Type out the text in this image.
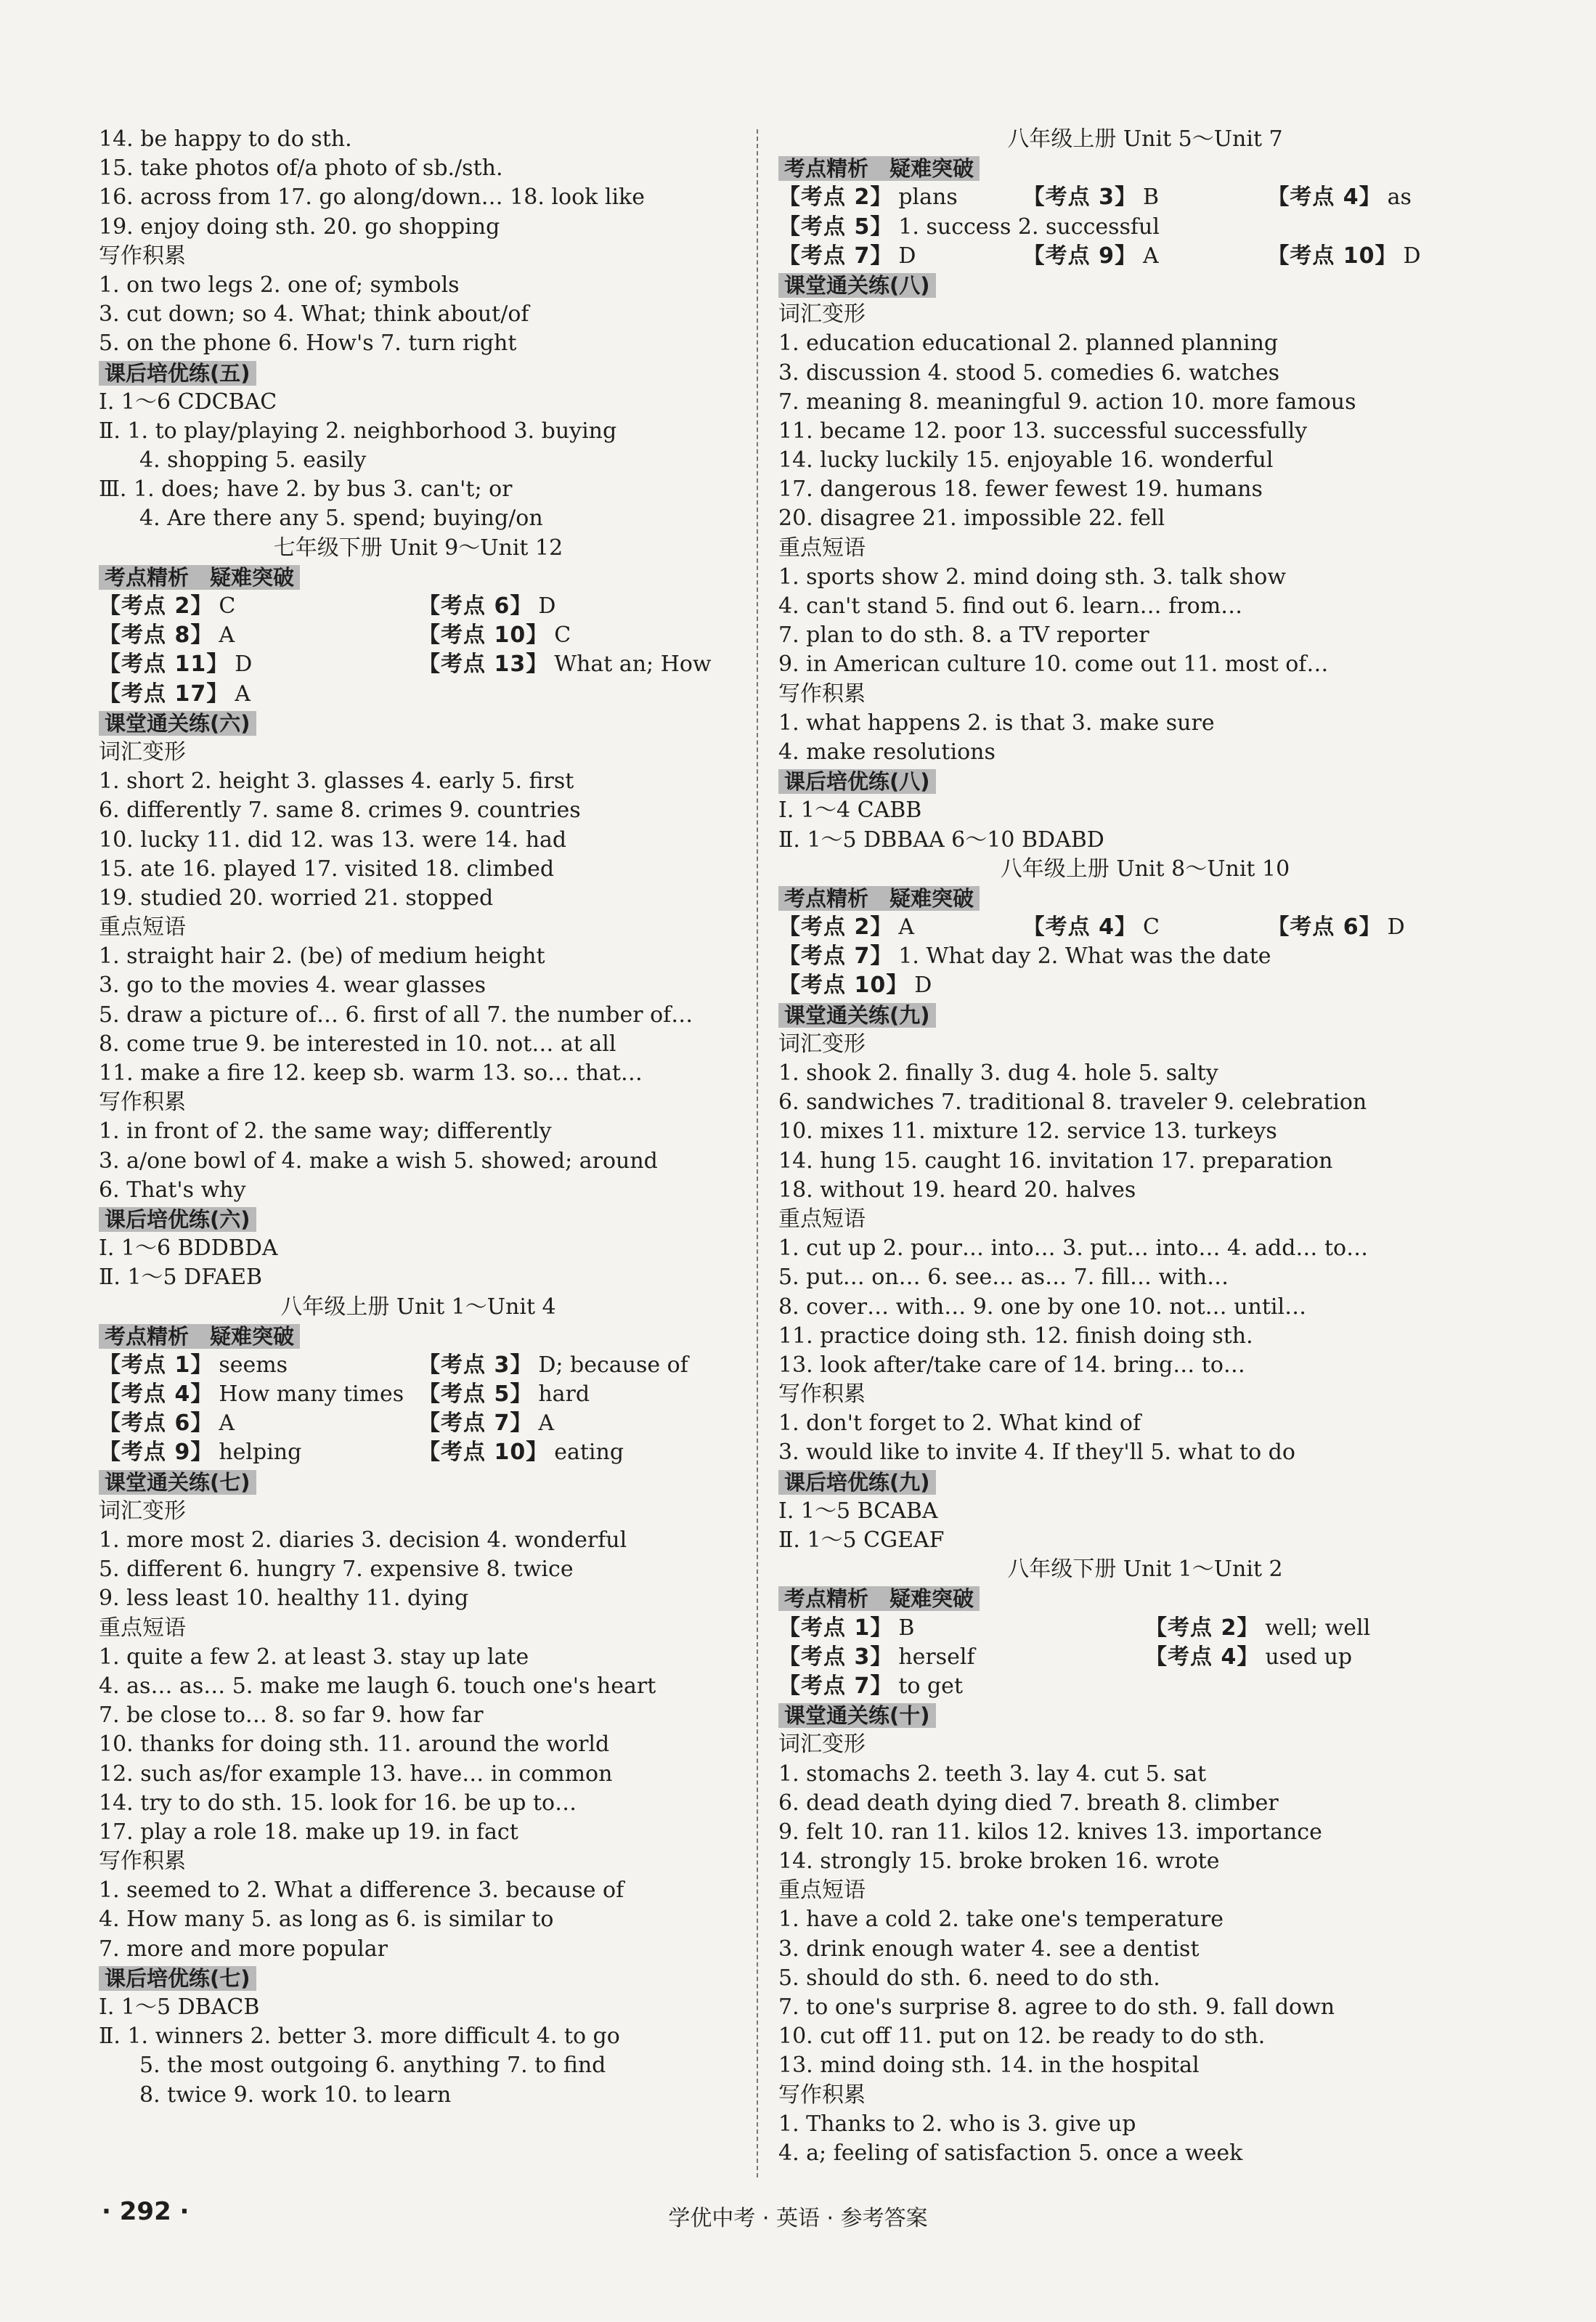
14. be happy to do sth.
15. take photos of/a photo of sb./sth.
16. across from 17. go along/down… 18. look like
19. enjoy doing sth. 20. go shopping
写作积累
1. on two legs 2. one of; symbols
3. cut down; so 4. What; think about/of
5. on the phone 6. How's 7. turn right
课后培优练(五)
Ⅰ. 1～6 CDCBAC
Ⅱ. 1. to play/playing 2. neighborhood 3. buying
4. shopping 5. easily
Ⅲ. 1. does; have 2. by bus 3. can't; or
4. Are there any 5. spend; buying/on
七年级下册 Unit 9～Unit 12
考点精析　疑难突破
【考点 2】 C	【考点 6】 D
【考点 8】 A	【考点 10】 C
【考点 11】 D	【考点 13】 What an; How
【考点 17】 A
课堂通关练(六)
词汇变形
1. short 2. height 3. glasses 4. early 5. first
6. differently 7. same 8. crimes 9. countries
10. lucky 11. did 12. was 13. were 14. had
15. ate 16. played 17. visited 18. climbed
19. studied 20. worried 21. stopped
重点短语
1. straight hair 2. (be) of medium height
3. go to the movies 4. wear glasses
5. draw a picture of… 6. first of all 7. the number of…
8. come true 9. be interested in 10. not… at all
11. make a fire 12. keep sb. warm 13. so… that…
写作积累
1. in front of 2. the same way; differently
3. a/one bowl of 4. make a wish 5. showed; around
6. That's why
课后培优练(六)
Ⅰ. 1～6 BDDBDA
Ⅱ. 1～5 DFAEB
八年级上册 Unit 1～Unit 4
考点精析　疑难突破
【考点 1】 seems	【考点 3】 D; because of
【考点 4】 How many times 【考点 5】 hard
【考点 6】 A	【考点 7】 A
【考点 9】 helping	【考点 10】 eating
课堂通关练(七)
词汇变形
1. more most 2. diaries 3. decision 4. wonderful
5. different 6. hungry 7. expensive 8. twice
9. less least 10. healthy 11. dying
重点短语
1. quite a few 2. at least 3. stay up late
4. as… as… 5. make me laugh 6. touch one's heart
7. be close to… 8. so far 9. how far
10. thanks for doing sth. 11. around the world
12. such as/for example 13. have… in common
14. try to do sth. 15. look for 16. be up to…
17. play a role 18. make up 19. in fact
写作积累
1. seemed to 2. What a difference 3. because of
4. How many 5. as long as 6. is similar to
7. more and more popular
课后培优练(七)
Ⅰ. 1～5 DBACB
Ⅱ. 1. winners 2. better 3. more difficult 4. to go
5. the most outgoing 6. anything 7. to find
8. twice 9. work 10. to learn
八年级上册 Unit 5～Unit 7
考点精析　疑难突破
【考点 2】 plans	【考点 3】 B	【考点 4】 as
【考点 5】 1. success 2. successful
【考点 7】 D	【考点 9】 A	【考点 10】 D
课堂通关练(八)
词汇变形
1. education educational 2. planned planning
3. discussion 4. stood 5. comedies 6. watches
7. meaning 8. meaningful 9. action 10. more famous
11. became 12. poor 13. successful successfully
14. lucky luckily 15. enjoyable 16. wonderful
17. dangerous 18. fewer fewest 19. humans
20. disagree 21. impossible 22. fell
重点短语
1. sports show 2. mind doing sth. 3. talk show
4. can't stand 5. find out 6. learn… from…
7. plan to do sth. 8. a TV reporter
9. in American culture 10. come out 11. most of…
写作积累
1. what happens 2. is that 3. make sure
4. make resolutions
课后培优练(八)
Ⅰ. 1～4 CABB
Ⅱ. 1～5 DBBAA 6～10 BDABD
八年级上册 Unit 8～Unit 10
考点精析　疑难突破
【考点 2】 A	【考点 4】 C	【考点 6】 D
【考点 7】 1. What day 2. What was the date
【考点 10】 D
课堂通关练(九)
词汇变形
1. shook 2. finally 3. dug 4. hole 5. salty
6. sandwiches 7. traditional 8. traveler 9. celebration
10. mixes 11. mixture 12. service 13. turkeys
14. hung 15. caught 16. invitation 17. preparation
18. without 19. heard 20. halves
重点短语
1. cut up 2. pour… into… 3. put… into… 4. add… to…
5. put… on… 6. see… as… 7. fill… with…
8. cover… with… 9. one by one 10. not… until…
11. practice doing sth. 12. finish doing sth.
13. look after/take care of 14. bring… to…
写作积累
1. don't forget to 2. What kind of
3. would like to invite 4. If they'll 5. what to do
课后培优练(九)
Ⅰ. 1～5 BCABA
Ⅱ. 1～5 CGEAF
八年级下册 Unit 1～Unit 2
考点精析　疑难突破
【考点 1】 B	【考点 2】 well; well
【考点 3】 herself	【考点 4】 used up
【考点 7】 to get
课堂通关练(十)
词汇变形
1. stomachs 2. teeth 3. lay 4. cut 5. sat
6. dead death dying died 7. breath 8. climber
9. felt 10. ran 11. kilos 12. knives 13. importance
14. strongly 15. broke broken 16. wrote
重点短语
1. have a cold 2. take one's temperature
3. drink enough water 4. see a dentist
5. should do sth. 6. need to do sth.
7. to one's surprise 8. agree to do sth. 9. fall down
10. cut off 11. put on 12. be ready to do sth.
13. mind doing sth. 14. in the hospital
写作积累
1. Thanks to 2. who is 3. give up
4. a; feeling of satisfaction 5. once a week
· 292 ·	学优中考 · 英语 · 参考答案
